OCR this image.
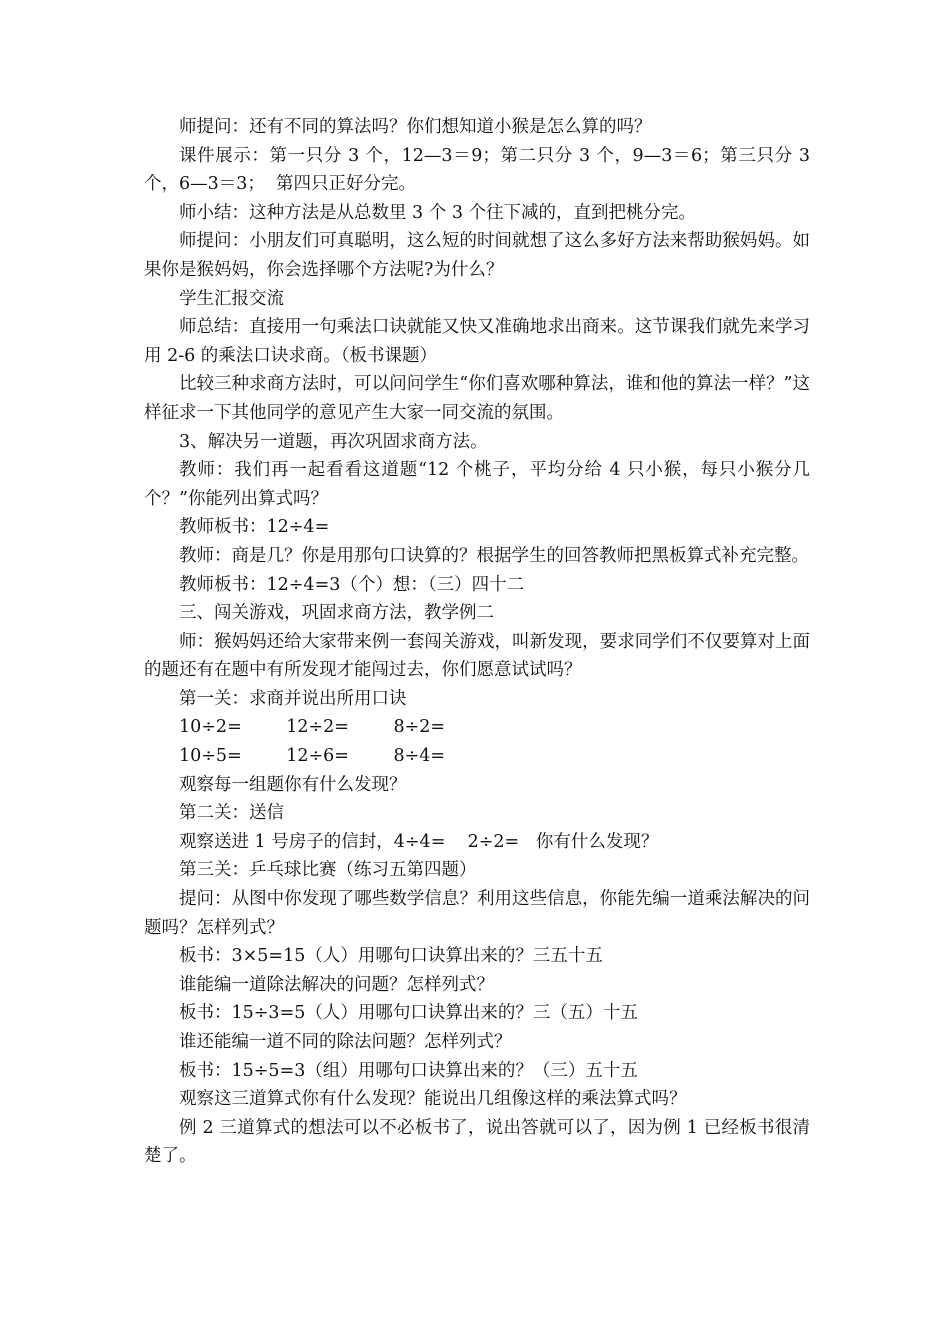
师提问：还有不同的算法吗？你们想知道小猴是怎么算的吗？

课件展示：第一只分 3 个，12—3＝9；第二只分 3 个，9—3＝6；第三只分 3 个，6—3＝3；  第四只正好分完。

师小结：这种方法是从总数里 3 个 3 个往下减的，直到把桃分完。

师提问：小朋友们可真聪明，这么短的时间就想了这么多好方法来帮助猴妈妈。如果你是猴妈妈，你会选择哪个方法呢?为什么？

学生汇报交流

师总结：直接用一句乘法口诀就能又快又准确地求出商来。这节课我们就先来学习用 2-6 的乘法口诀求商。（板书课题）

比较三种求商方法时，可以问问学生“你们喜欢哪种算法，谁和他的算法一样？”这样征求一下其他同学的意见产生大家一同交流的氛围。

3、解决另一道题，再次巩固求商方法。

教师：我们再一起看看这道题“12 个桃子，平均分给 4 只小猴，每只小猴分几个？”你能列出算式吗？

教师板书：12÷4=

教师：商是几？你是用那句口诀算的？根据学生的回答教师把黑板算式补充完整。

教师板书：12÷4=3（个）想：（三）四十二

三、闯关游戏，巩固求商方法，教学例二

师：猴妈妈还给大家带来例一套闯关游戏，叫新发现，要求同学们不仅要算对上面的题还有在题中有所发现才能闯过去，你们愿意试试吗？

第一关：求商并说出所用口诀

10÷2=        12÷2=        8÷2=

10÷5=        12÷6=        8÷4=

观察每一组题你有什么发现？

第二关：送信

观察送进 1 号房子的信封，4÷4=    2÷2=   你有什么发现？

第三关：乒乓球比赛（练习五第四题）

提问：从图中你发现了哪些数学信息？利用这些信息，你能先编一道乘法解决的问题吗？怎样列式？

板书：3×5=15（人）用哪句口诀算出来的？三五十五

谁能编一道除法解决的问题？怎样列式？

板书：15÷3=5（人）用哪句口诀算出来的？三（五）十五

谁还能编一道不同的除法问题？怎样列式？

板书：15÷5=3（组）用哪句口诀算出来的？（三）五十五

观察这三道算式你有什么发现？能说出几组像这样的乘法算式吗？

例 2 三道算式的想法可以不必板书了，说出答就可以了，因为例 1 已经板书很清楚了。
